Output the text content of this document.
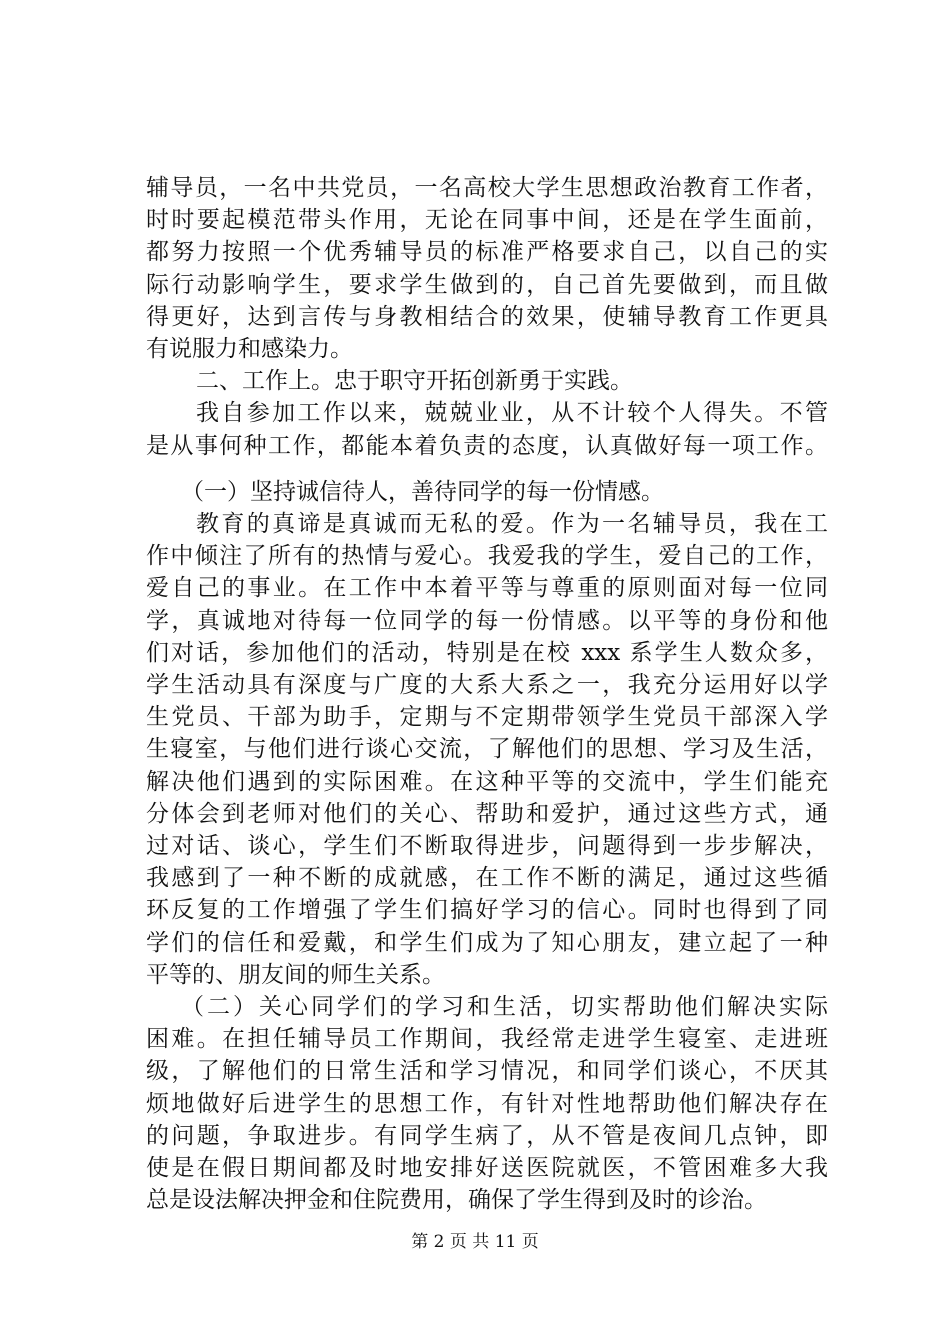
辅导员，一名中共党员，一名高校大学生思想政治教育工作者，
时时要起模范带头作用，无论在同事中间，还是在学生面前，
都努力按照一个优秀辅导员的标准严格要求自己，以自己的实
际行动影响学生，要求学生做到的，自己首先要做到，而且做
得更好，达到言传与身教相结合的效果，使辅导教育工作更具
有说服力和感染力。
二、工作上。忠于职守开拓创新勇于实践。
我自参加工作以来，兢兢业业，从不计较个人得失。不管
是从事何种工作，都能本着负责的态度，认真做好每一项工作。
（一）坚持诚信待人，善待同学的每一份情感。
教育的真谛是真诚而无私的爱。作为一名辅导员，我在工
作中倾注了所有的热情与爱心。我爱我的学生，爱自己的工作，
爱自己的事业。在工作中本着平等与尊重的原则面对每一位同
学，真诚地对待每一位同学的每一份情感。以平等的身份和他
们对话，参加他们的活动，特别是在校 xxx 系学生人数众多，
学生活动具有深度与广度的大系大系之一，我充分运用好以学
生党员、干部为助手，定期与不定期带领学生党员干部深入学
生寝室，与他们进行谈心交流，了解他们的思想、学习及生活，
解决他们遇到的实际困难。在这种平等的交流中，学生们能充
分体会到老师对他们的关心、帮助和爱护，通过这些方式，通
过对话、谈心，学生们不断取得进步，问题得到一步步解决，
我感到了一种不断的成就感，在工作不断的满足，通过这些循
环反复的工作增强了学生们搞好学习的信心。同时也得到了同
学们的信任和爱戴，和学生们成为了知心朋友，建立起了一种
平等的、朋友间的师生关系。
（二）关心同学们的学习和生活，切实帮助他们解决实际
困难。在担任辅导员工作期间，我经常走进学生寝室、走进班
级，了解他们的日常生活和学习情况，和同学们谈心，不厌其
烦地做好后进学生的思想工作，有针对性地帮助他们解决存在
的问题，争取进步。有同学生病了，从不管是夜间几点钟，即
使是在假日期间都及时地安排好送医院就医，不管困难多大我
总是设法解决押金和住院费用，确保了学生得到及时的诊治。
第 2 页 共 11 页
